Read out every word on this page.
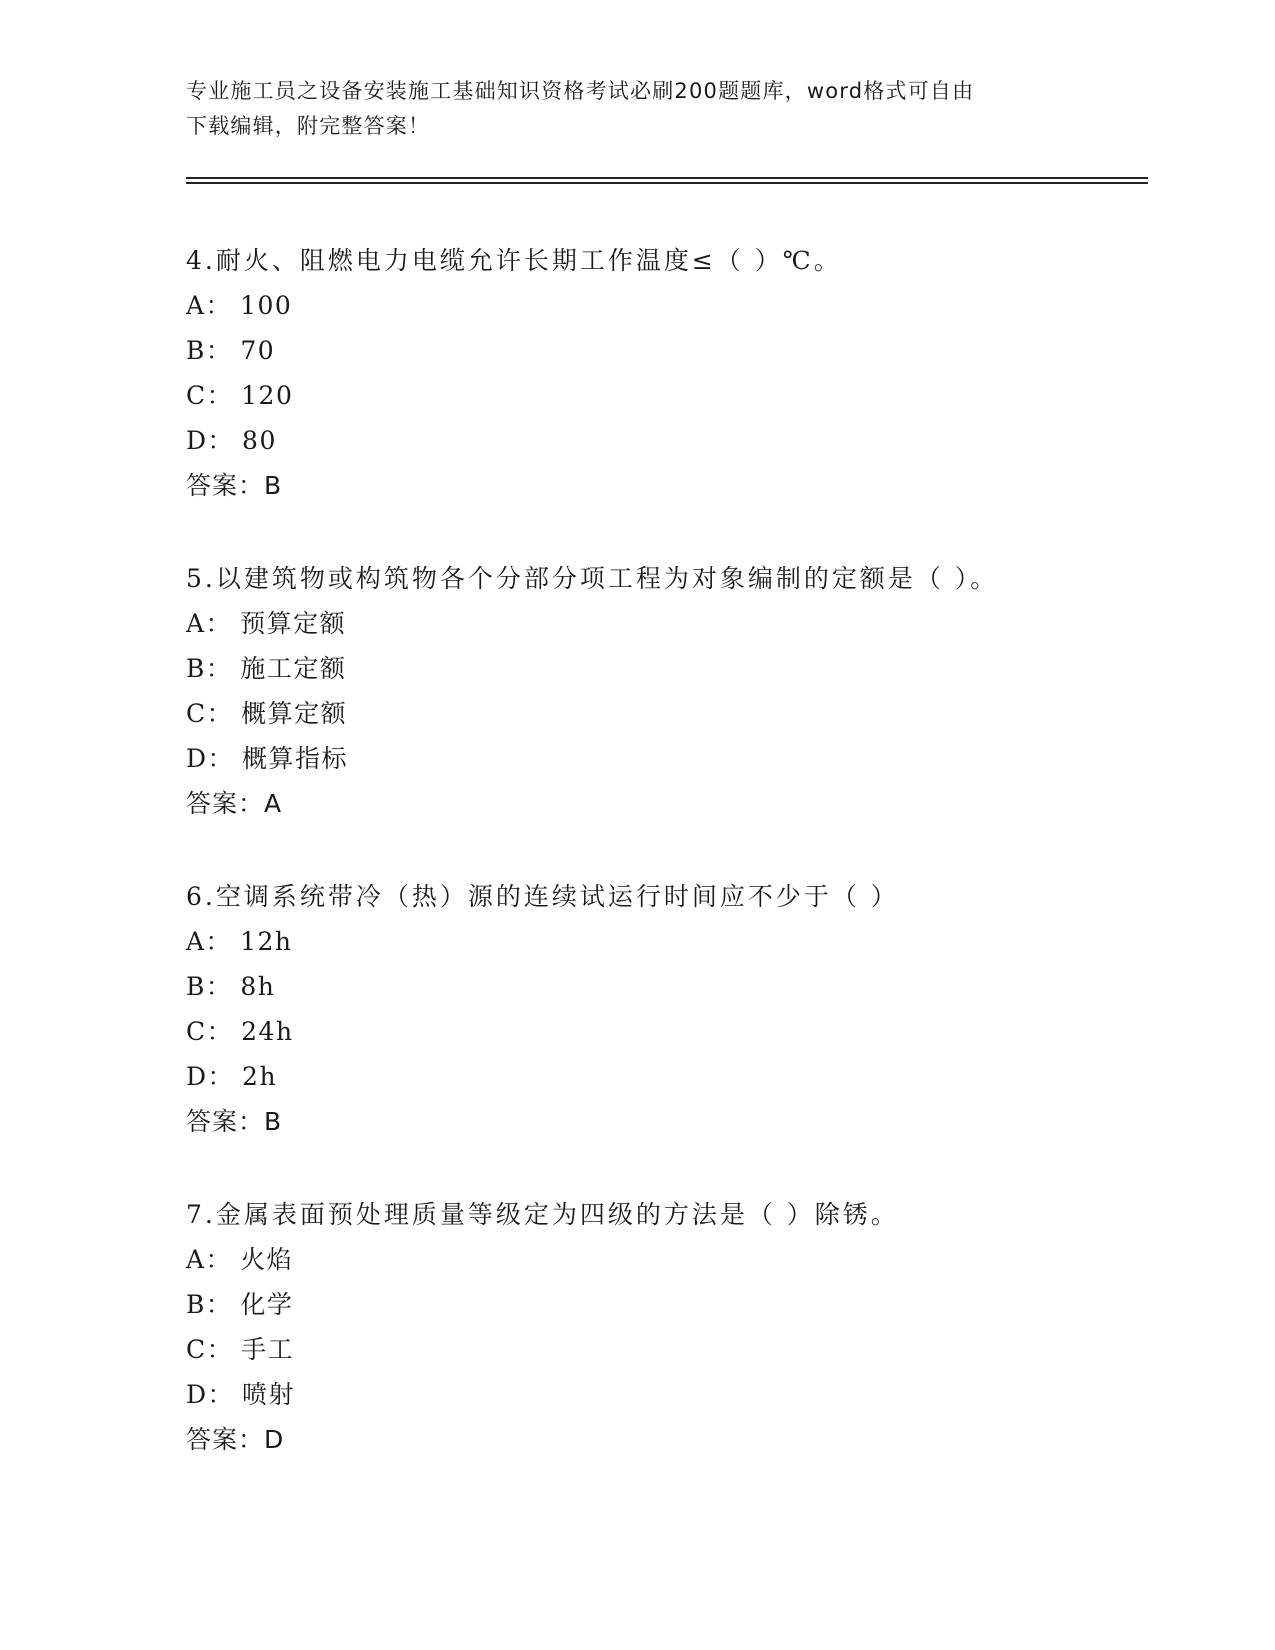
专业施工员之设备安装施工基础知识资格考试必刷200题题库，word格式可自由
下载编辑，附完整答案！
4.耐火、阻燃电力电缆允许长期工作温度≤（ ）℃。
A： 100
B： 70
C： 120
D： 80
答案：B
5.以建筑物或构筑物各个分部分项工程为对象编制的定额是（ ）。
A： 预算定额
B： 施工定额
C： 概算定额
D： 概算指标
答案：A
6.空调系统带冷（热）源的连续试运行时间应不少于（ ）
A： 12h
B： 8h
C： 24h
D： 2h
答案：B
7.金属表面预处理质量等级定为四级的方法是（ ）除锈。
A： 火焰
B： 化学
C： 手工
D： 喷射
答案：D
